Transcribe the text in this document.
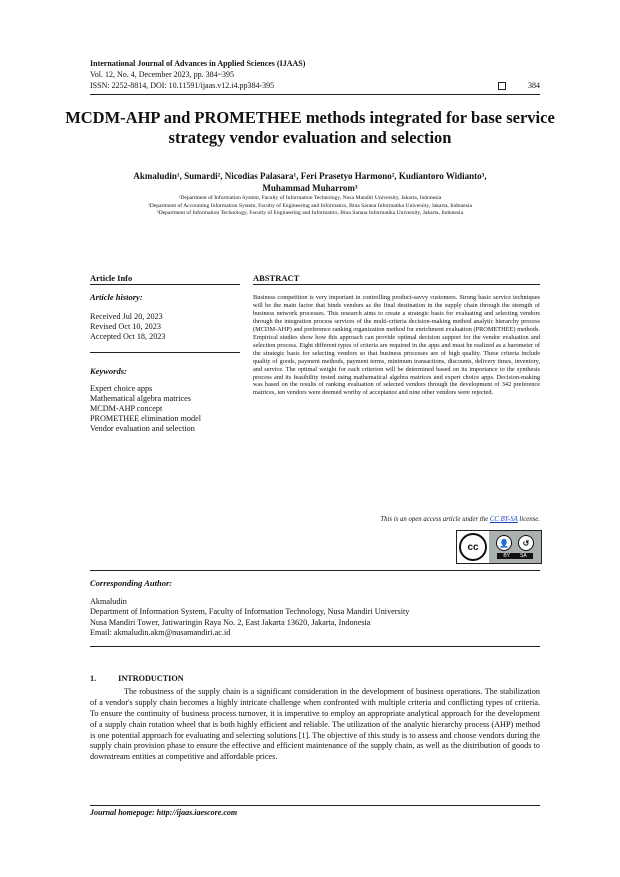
International Journal of Advances in Applied Sciences (IJAAS)
Vol. 12, No. 4, December 2023, pp. 384~395
ISSN: 2252-8814, DOI: 10.11591/ijaas.v12.i4.pp384-395	384
MCDM-AHP and PROMETHEE methods integrated for base service strategy vendor evaluation and selection
Akmaludin¹, Sumardi², Nicodias Palasara¹, Feri Prasetyo Harmono², Kudiantoro Widianto³,
Muhammad Muharrom³
¹Department of Information System, Faculty of Information Technology, Nusa Mandiri University, Jakarta, Indonesia
²Department of Accounting Information System, Faculty of Engineering and Informatics, Bina Sarana Informatika University, Jakarta, Indonesia
³Department of Information Technology, Faculty of Engineering and Informatics, Bina Sarana Informatika University, Jakarta, Indonesia
Article Info	ABSTRACT
Article history:
Received Jul 20, 2023
Revised Oct 10, 2023
Accepted Oct 18, 2023
Keywords:
Expert choice apps
Mathematical algebra matrices
MCDM-AHP concept
PROMETHEE elimination model
Vendor evaluation and selection
Business competition is very important in controlling product-savvy customers. Strong basic service techniques will be the main factor that binds vendors as the final destination in the supply chain through the strength of business network processes. This research aims to create a strategic basis for evaluating and selecting vendors through the integration process services of the multi-criteria decision-making method analytic hierarchy process (MCDM-AHP) and preference ranking organization method for enrichment evaluation (PROMETHEE) methods. Empirical studies show how this approach can provide optimal decision support for the vendor evaluation and selection process. Eight different types of criteria are required in the apps and must be realized as a barometer of the strategic basis for selecting vendors so that business processes are of high quality. These criteria include quality of goods, payment methods, payment terms, minimum transactions, discounts, delivery times, inventory, and service. The optimal weight for each criterion will be determined based on its importance to the synthesis process and its feasibility tested using mathematical algebra matrices and expert choice apps. Decision-making was based on the results of ranking evaluation of selected vendors through the development of 342 preference matrices, ten vendors were deemed worthy of acceptance and nine other vendors were rejected.
This is an open access article under the CC BY-SA license.
cc	👤	↺
BY SA
Corresponding Author:
Akmaludin
Department of Information System, Faculty of Information Technology, Nusa Mandiri University
Nusa Mandiri Tower, Jatiwaringin Raya No. 2, East Jakarta 13620, Jakarta, Indonesia
Email: akmaludin.akm@nusamandiri.ac.id
1.	INTRODUCTION

The robustness of the supply chain is a significant consideration in the development of business operations. The stabilization of a vendor's supply chain becomes a highly intricate challenge when confronted with multiple criteria and conflicting types of criteria. To ensure the continuity of business process turnover, it is imperative to employ an appropriate analytical approach for the development of a supply chain rotation wheel that is both highly efficient and reliable. The utilization of the analytic hierarchy process (AHP) method is one potential approach for evaluating and selecting solutions [1]. The objective of this study is to assess and choose vendors during the supply chain provision phase to ensure the effective and efficient maintenance of the supply chain, as well as the distribution of goods to downstream entities at competitive and affordable prices.

Journal homepage: http://ijaas.iaescore.com
